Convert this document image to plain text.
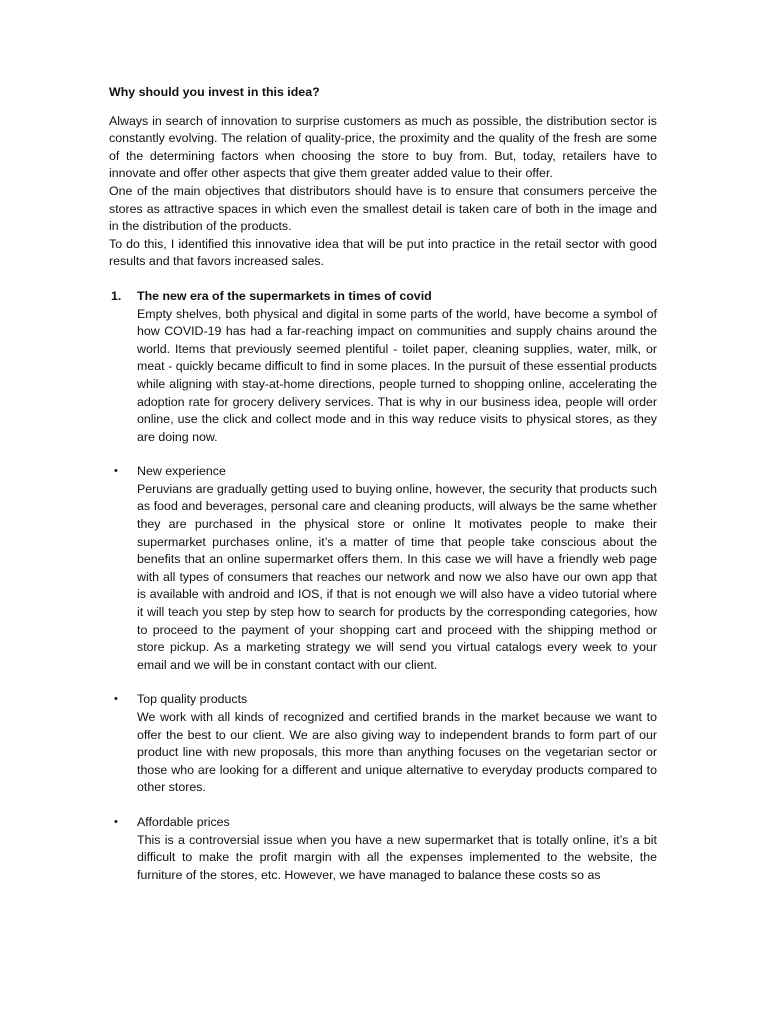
Why should you invest in this idea?

Always in search of innovation to surprise customers as much as possible, the distribution sector is constantly evolving. The relation of quality-price, the proximity and the quality of the fresh are some of the determining factors when choosing the store to buy from. But, today, retailers have to innovate and offer other aspects that give them greater added value to their offer.

One of the main objectives that distributors should have is to ensure that consumers perceive the stores as attractive spaces in which even the smallest detail is taken care of both in the image and in the distribution of the products.

To do this, I identified this innovative idea that will be put into practice in the retail sector with good results and that favors increased sales.

1. The new era of the supermarkets in times of covid

Empty shelves, both physical and digital in some parts of the world, have become a symbol of how COVID-19 has had a far-reaching impact on communities and supply chains around the world. Items that previously seemed plentiful - toilet paper, cleaning supplies, water, milk, or meat - quickly became difficult to find in some places. In the pursuit of these essential products while aligning with stay-at-home directions, people turned to shopping online, accelerating the adoption rate for grocery delivery services. That is why in our business idea, people will order online, use the click and collect mode and in this way reduce visits to physical stores, as they are doing now.

• New experience

Peruvians are gradually getting used to buying online, however, the security that products such as food and beverages, personal care and cleaning products, will always be the same whether they are purchased in the physical store or online It motivates people to make their supermarket purchases online, it’s a matter of time that people take conscious about the benefits that an online supermarket offers them. In this case we will have a friendly web page with all types of consumers that reaches our network and now we also have our own app that is available with android and IOS, if that is not enough we will also have a video tutorial where it will teach you step by step how to search for products by the corresponding categories, how to proceed to the payment of your shopping cart and proceed with the shipping method or store pickup. As a marketing strategy we will send you virtual catalogs every week to your email and we will be in constant contact with our client.

• Top quality products

We work with all kinds of recognized and certified brands in the market because we want to offer the best to our client. We are also giving way to independent brands to form part of our product line with new proposals, this more than anything focuses on the vegetarian sector or those who are looking for a different and unique alternative to everyday products compared to other stores.

• Affordable prices

This is a controversial issue when you have a new supermarket that is totally online, it’s a bit difficult to make the profit margin with all the expenses implemented to the website, the furniture of the stores, etc. However, we have managed to balance these costs so as
